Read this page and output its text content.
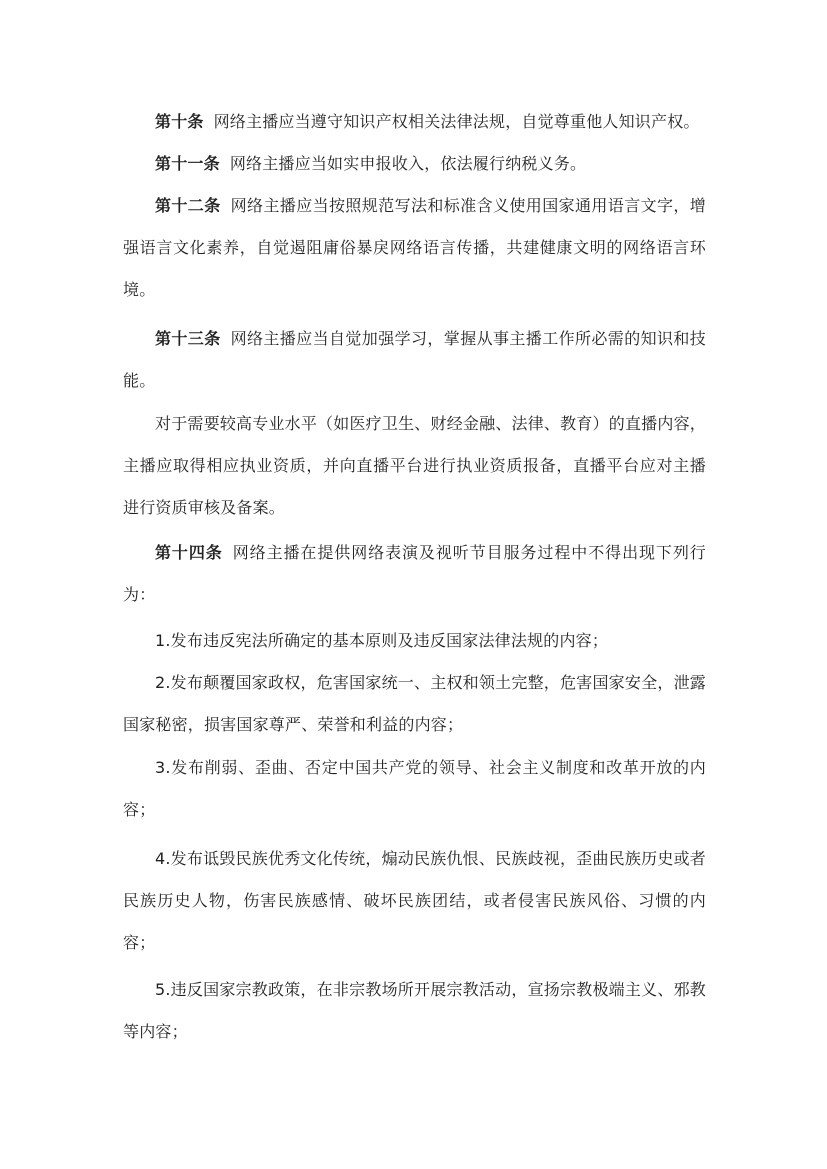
第十条 网络主播应当遵守知识产权相关法律法规，自觉尊重他人知识产权。

第十一条 网络主播应当如实申报收入，依法履行纳税义务。

第十二条 网络主播应当按照规范写法和标准含义使用国家通用语言文字，增强语言文化素养，自觉遏阻庸俗暴戾网络语言传播，共建健康文明的网络语言环境。

第十三条 网络主播应当自觉加强学习，掌握从事主播工作所必需的知识和技能。

对于需要较高专业水平（如医疗卫生、财经金融、法律、教育）的直播内容，主播应取得相应执业资质，并向直播平台进行执业资质报备，直播平台应对主播进行资质审核及备案。

第十四条 网络主播在提供网络表演及视听节目服务过程中不得出现下列行为：

1.发布违反宪法所确定的基本原则及违反国家法律法规的内容；

2.发布颠覆国家政权，危害国家统一、主权和领土完整，危害国家安全，泄露国家秘密，损害国家尊严、荣誉和利益的内容；

3.发布削弱、歪曲、否定中国共产党的领导、社会主义制度和改革开放的内容；

4.发布诋毁民族优秀文化传统，煽动民族仇恨、民族歧视，歪曲民族历史或者民族历史人物，伤害民族感情、破坏民族团结，或者侵害民族风俗、习惯的内容；

5.违反国家宗教政策，在非宗教场所开展宗教活动，宣扬宗教极端主义、邪教等内容；
